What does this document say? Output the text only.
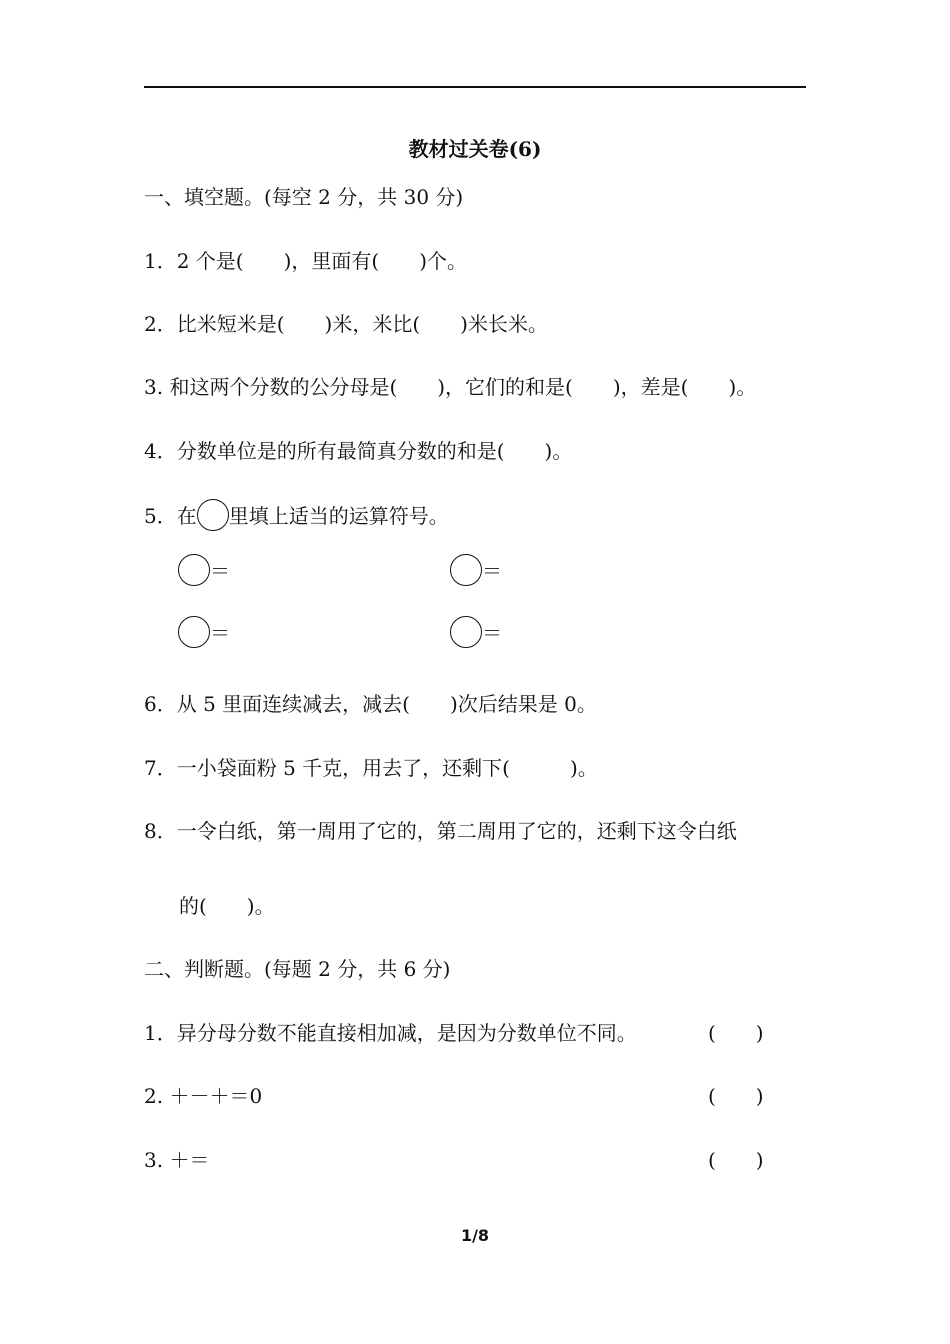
教材过关卷(6)
一、填空题。(每空 2 分，共 30 分)
1．2 个是(　　)，里面有(　　)个。
2．比米短米是(　　)米，米比(　　)米长米。
3. 和这两个分数的公分母是(　　)，它们的和是(　　)，差是(　　)。
4．分数单位是的所有最简真分数的和是(　　)。
5．在 里填上适当的运算符号。
＝	＝
＝	＝
6．从 5 里面连续减去，减去(　　)次后结果是 0。
7．一小袋面粉 5 千克，用去了，还剩下(　　　)。
8．一令白纸，第一周用了它的，第二周用了它的，还剩下这令白纸
的(　　)。
二、判断题。(每题 2 分，共 6 分)
1．异分母分数不能直接相加减，是因为分数单位不同。	(　　)
2. ＋－＋＝0	(　　)
3. ＋＝	(　　)
1/8
